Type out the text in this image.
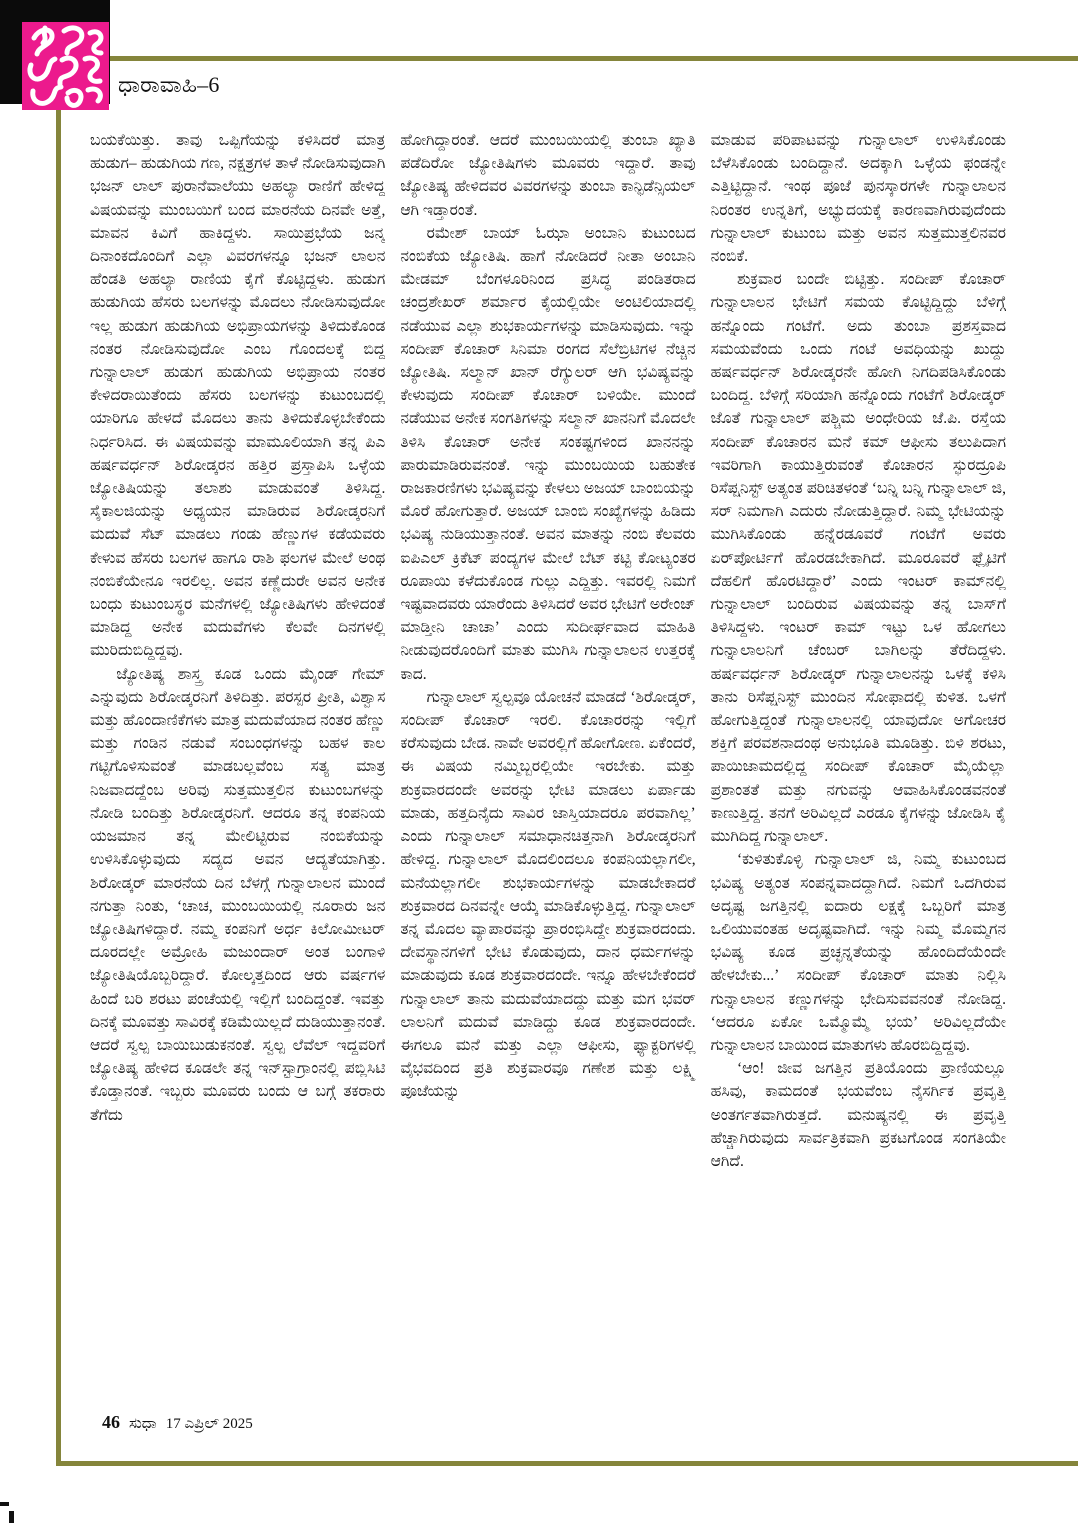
ಧಾರಾವಾಹಿ–6

ಬಯಕೆಯಿತ್ತು. ತಾವು ಒಪ್ಪಿಗೆಯನ್ನು ಕಳಿಸಿದರೆ ಮಾತ್ರ ಹುಡುಗ– ಹುಡುಗಿಯ ಗಣ, ನಕ್ಷತ್ರಗಳ ತಾಳೆ ನೋಡಿಸುವುದಾಗಿ ಭಜನ್ ಲಾಲ್ ಪುರಾನೆವಾಲೆಯು ಅಹಲ್ಯಾ ರಾಣಿಗೆ ಹೇಳಿದ್ದ ವಿಷಯವನ್ನು ಮುಂಬಯಿಗೆ ಬಂದ ಮಾರನೆಯ ದಿನವೇ ಅತ್ತೆ, ಮಾವನ ಕಿವಿಗೆ ಹಾಕಿದ್ದಳು. ಸಾಯಿಪ್ರಭೆಯ ಜನ್ಮ ದಿನಾಂಕದೊಂದಿಗೆ ಎಲ್ಲಾ ವಿವರಗಳನ್ನೂ ಭಜನ್ ಲಾಲನ ಹೆಂಡತಿ ಅಹಲ್ಯಾ ರಾಣಿಯ ಕೈಗೆ ಕೊಟ್ಟಿದ್ದಳು. ಹುಡುಗ ಹುಡುಗಿಯ ಹೆಸರು ಬಲಗಳನ್ನು ಮೊದಲು ನೋಡಿಸುವುದೋ ಇಲ್ಲ ಹುಡುಗ ಹುಡುಗಿಯ ಅಭಿಪ್ರಾಯಗಳನ್ನು ತಿಳಿದುಕೊಂಡ ನಂತರ ನೋಡಿಸುವುದೋ ಎಂಬ ಗೊಂದಲಕ್ಕೆ ಬಿದ್ದ ಗುನ್ನಾಲಾಲ್ ಹುಡುಗ ಹುಡುಗಿಯ ಅಭಿಪ್ರಾಯ ನಂತರ ಕೇಳಿದರಾಯಿತೆಂದು ಹೆಸರು ಬಲಗಳನ್ನು ಕುಟುಂಬದಲ್ಲಿ ಯಾರಿಗೂ ಹೇಳದೆ ಮೊದಲು ತಾನು ತಿಳಿದುಕೊಳ್ಳಬೇಕೆಂದು ನಿರ್ಧರಿಸಿದ. ಈ ವಿಷಯವನ್ನು ಮಾಮೂಲಿಯಾಗಿ ತನ್ನ ಪಿಎ ಹರ್ಷವರ್ಧನ್ ಶಿರೋಡ್ಕರನ ಹತ್ತಿರ ಪ್ರಸ್ತಾಪಿಸಿ ಒಳ್ಳೆಯ ಜ್ಯೋತಿಷಿಯನ್ನು ತಲಾಶು ಮಾಡುವಂತೆ ತಿಳಿಸಿದ್ದ. ಸೈಕಾಲಜಿಯನ್ನು ಅಧ್ಯಯನ ಮಾಡಿರುವ ಶಿರೋಡ್ಕರನಿಗೆ ಮದುವೆ ಸೆಟ್ ಮಾಡಲು ಗಂಡು ಹೆಣ್ಣುಗಳ ಕಡೆಯವರು ಕೇಳುವ ಹೆಸರು ಬಲಗಳ ಹಾಗೂ ರಾಶಿ ಫಲಗಳ ಮೇಲೆ ಅಂಥ ನಂಬಿಕೆಯೇನೂ ಇರಲಿಲ್ಲ. ಅವನ ಕಣ್ಣೆದುರೇ ಅವನ ಅನೇಕ ಬಂಧು ಕುಟುಂಬಸ್ಥರ ಮನೆಗಳಲ್ಲಿ ಜ್ಯೋತಿಷಿಗಳು ಹೇಳಿದಂತೆ ಮಾಡಿದ್ದ ಅನೇಕ ಮದುವೆಗಳು ಕೆಲವೇ ದಿನಗಳಲ್ಲಿ ಮುರಿದುಬಿದ್ದಿದ್ದವು.

ಜ್ಯೋತಿಷ್ಯ ಶಾಸ್ತ್ರ ಕೂಡ ಒಂದು ಮೈಂಡ್ ಗೇಮ್ ಎನ್ನುವುದು ಶಿರೋಡ್ಕರನಿಗೆ ತಿಳಿದಿತ್ತು. ಪರಸ್ಪರ ಪ್ರೀತಿ, ವಿಶ್ವಾಸ ಮತ್ತು ಹೊಂದಾಣಿಕೆಗಳು ಮಾತ್ರ ಮದುವೆಯಾದ ನಂತರ ಹೆಣ್ಣು ಮತ್ತು ಗಂಡಿನ ನಡುವೆ ಸಂಬಂಧಗಳನ್ನು ಬಹಳ ಕಾಲ ಗಟ್ಟಿಗೊಳಿಸುವಂತೆ ಮಾಡಬಲ್ಲವೆಂಬ ಸತ್ಯ ಮಾತ್ರ ನಿಜವಾದದ್ದೆಂಬ ಅರಿವು ಸುತ್ತಮುತ್ತಲಿನ ಕುಟುಂಬಗಳನ್ನು ನೋಡಿ ಬಂದಿತ್ತು ಶಿರೋಡ್ಕರನಿಗೆ. ಆದರೂ ತನ್ನ ಕಂಪನಿಯ ಯಜಮಾನ ತನ್ನ ಮೇಲಿಟ್ಟಿರುವ ನಂಬಿಕೆಯನ್ನು ಉಳಿಸಿಕೊಳ್ಳುವುದು ಸದ್ಯದ ಅವನ ಆದ್ಯತೆಯಾಗಿತ್ತು. ಶಿರೋಡ್ಕರ್ ಮಾರನೆಯ ದಿನ ಬೆಳಗ್ಗೆ ಗುನ್ನಾಲಾಲನ ಮುಂದೆ ನಗುತ್ತಾ ನಿಂತು, ‘ಚಾಚ, ಮುಂಬಯಿಯಲ್ಲಿ ನೂರಾರು ಜನ ಜ್ಯೋತಿಷಿಗಳಿದ್ದಾರೆ. ನಮ್ಮ ಕಂಪನಿಗೆ ಅರ್ಧ ಕಿಲೋಮೀಟರ್ ದೂರದಲ್ಲೇ ಅಮ್ರೋಹಿ ಮಜುಂದಾರ್ ಅಂತ ಬಂಗಾಳಿ ಜ್ಯೋತಿಷಿಯೊಬ್ಬರಿದ್ದಾರೆ. ಕೋಲ್ಕತ್ತದಿಂದ ಆರು ವರ್ಷಗಳ ಹಿಂದೆ ಬರಿ ಶರಟು ಪಂಚೆಯಲ್ಲಿ ಇಲ್ಲಿಗೆ ಬಂದಿದ್ದಂತೆ. ಇವತ್ತು ದಿನಕ್ಕೆ ಮೂವತ್ತು ಸಾವಿರಕ್ಕೆ ಕಡಿಮೆಯಿಲ್ಲದೆ ದುಡಿಯುತ್ತಾನಂತೆ. ಆದರೆ ಸ್ವಲ್ಪ ಬಾಯಿಬುಡುಕನಂತೆ. ಸ್ವಲ್ಪ ಲೆವೆಲ್ ಇದ್ದವರಿಗೆ ಜ್ಯೋತಿಷ್ಯ ಹೇಳಿದ ಕೂಡಲೇ ತನ್ನ ಇನ್‌ಸ್ಟಾಗ್ರಾಂನಲ್ಲಿ ಪಬ್ಲಿಸಿಟಿ ಕೊಡ್ತಾನಂತೆ. ಇಬ್ಬರು ಮೂವರು ಬಂದು ಆ ಬಗ್ಗೆ ತಕರಾರು ತೆಗೆದು

ಹೋಗಿದ್ದಾರಂತೆ. ಆದರೆ ಮುಂಬಯಿಯಲ್ಲಿ ತುಂಬಾ ಖ್ಯಾತಿ ಪಡೆದಿರೋ ಜ್ಯೋತಿಷಿಗಳು ಮೂವರು ಇದ್ದಾರೆ. ತಾವು ಜ್ಯೋತಿಷ್ಯ ಹೇಳಿದವರ ವಿವರಗಳನ್ನು ತುಂಬಾ ಕಾನ್ಫಿಡೆನ್ಸಿಯಲ್ ಆಗಿ ಇಡ್ತಾರಂತೆ.

ರಮೇಶ್ ಬಾಯ್ ಓಝಾ ಅಂಬಾನಿ ಕುಟುಂಬದ ನಂಬಿಕೆಯ ಜ್ಯೋತಿಷಿ. ಹಾಗೆ ನೋಡಿದರೆ ನೀತಾ ಅಂಬಾನಿ ಮೇಡಮ್ ಬೆಂಗಳೂರಿನಿಂದ ಪ್ರಸಿದ್ಧ ಪಂಡಿತರಾದ ಚಂದ್ರಶೇಖರ್ ಶರ್ಮಾರ ಕೈಯಲ್ಲಿಯೇ ಅಂಟಿಲಿಯಾದಲ್ಲಿ ನಡೆಯುವ ಎಲ್ಲಾ ಶುಭಕಾರ್ಯಗಳನ್ನು ಮಾಡಿಸುವುದು. ಇನ್ನು ಸಂದೀಪ್ ಕೊಚಾರ್ ಸಿನಿಮಾ ರಂಗದ ಸೆಲೆಬ್ರಿಟಿಗಳ ನೆಚ್ಚಿನ ಜ್ಯೋತಿಷಿ. ಸಲ್ಮಾನ್ ಖಾನ್ ರೆಗ್ಯುಲರ್ ಆಗಿ ಭವಿಷ್ಯವನ್ನು ಕೇಳುವುದು ಸಂದೀಪ್ ಕೊಚಾರ್ ಬಳಿಯೇ. ಮುಂದೆ ನಡೆಯುವ ಅನೇಕ ಸಂಗತಿಗಳನ್ನು ಸಲ್ಮಾನ್ ಖಾನನಿಗೆ ಮೊದಲೇ ತಿಳಿಸಿ ಕೊಚಾರ್ ಅನೇಕ ಸಂಕಷ್ಟಗಳಿಂದ ಖಾನನನ್ನು ಪಾರುಮಾಡಿರುವನಂತೆ. ಇನ್ನು ಮುಂಬಯಿಯ ಬಹುತೇಕ ರಾಜಕಾರಣಿಗಳು ಭವಿಷ್ಯವನ್ನು ಕೇಳಲು ಅಜಯ್ ಬಾಂಬಿಯನ್ನು ಮೊರೆ ಹೋಗುತ್ತಾರೆ. ಅಜಯ್ ಬಾಂಬಿ ಸಂಖ್ಯೆಗಳನ್ನು ಹಿಡಿದು ಭವಿಷ್ಯ ನುಡಿಯುತ್ತಾನಂತೆ. ಅವನ ಮಾತನ್ನು ನಂಬಿ ಕೆಲವರು ಐಪಿಎಲ್ ಕ್ರಿಕೆಟ್ ಪಂದ್ಯಗಳ ಮೇಲೆ ಬೆಟ್ ಕಟ್ಟಿ ಕೋಟ್ಯಂತರ ರೂಪಾಯಿ ಕಳೆದುಕೊಂಡ ಗುಲ್ಲು ಎದ್ದಿತ್ತು. ಇವರಲ್ಲಿ ನಿಮಗೆ ಇಷ್ಟವಾದವರು ಯಾರೆಂದು ತಿಳಿಸಿದರೆ ಅವರ ಭೇಟಿಗೆ ಅರೇಂಜ್ ಮಾಡ್ತೀನಿ ಚಾಚಾ’ ಎಂದು ಸುದೀರ್ಘವಾದ ಮಾಹಿತಿ ನೀಡುವುದರೊಂದಿಗೆ ಮಾತು ಮುಗಿಸಿ ಗುನ್ನಾಲಾಲನ ಉತ್ತರಕ್ಕೆ ಕಾದ.

ಗುನ್ನಾಲಾಲ್ ಸ್ವಲ್ಪವೂ ಯೋಚನೆ ಮಾಡದೆ ‘ಶಿರೋಡ್ಕರ್, ಸಂದೀಪ್ ಕೊಚಾರ್ ಇರಲಿ. ಕೊಚಾರರನ್ನು ಇಲ್ಲಿಗೆ ಕರೆಸುವುದು ಬೇಡ. ನಾವೇ ಅವರಲ್ಲಿಗೆ ಹೋಗೋಣ. ಏಕೆಂದರೆ, ಈ ವಿಷಯ ನಮ್ಮಿಬ್ಬರಲ್ಲಿಯೇ ಇರಬೇಕು. ಮತ್ತು ಶುಕ್ರವಾರದಂದೇ ಅವರನ್ನು ಭೇಟಿ ಮಾಡಲು ಏರ್ಪಾಡು ಮಾಡು, ಹತ್ತದಿನೈದು ಸಾವಿರ ಜಾಸ್ತಿಯಾದರೂ ಪರವಾಗಿಲ್ಲ’ ಎಂದು ಗುನ್ನಾಲಾಲ್ ಸಮಾಧಾನಚಿತ್ತನಾಗಿ ಶಿರೋಡ್ಕರನಿಗೆ ಹೇಳಿದ್ದ. ಗುನ್ನಾಲಾಲ್ ಮೊದಲಿಂದಲೂ ಕಂಪನಿಯಲ್ಲಾಗಲೀ, ಮನೆಯಲ್ಲಾಗಲೀ ಶುಭಕಾರ್ಯಗಳನ್ನು ಮಾಡಬೇಕಾದರೆ ಶುಕ್ರವಾರದ ದಿನವನ್ನೇ ಆಯ್ಕೆ ಮಾಡಿಕೊಳ್ಳುತ್ತಿದ್ದ. ಗುನ್ನಾಲಾಲ್ ತನ್ನ ಮೊದಲ ವ್ಯಾಪಾರವನ್ನು ಪ್ರಾರಂಭಿಸಿದ್ದೇ ಶುಕ್ರವಾರದಂದು. ದೇವಸ್ಥಾನಗಳಿಗೆ ಭೇಟಿ ಕೊಡುವುದು, ದಾನ ಧರ್ಮಗಳನ್ನು ಮಾಡುವುದು ಕೂಡ ಶುಕ್ರವಾರದಂದೇ. ಇನ್ನೂ ಹೇಳಬೇಕೆಂದರೆ ಗುನ್ನಾಲಾಲ್ ತಾನು ಮದುವೆಯಾದದ್ದು ಮತ್ತು ಮಗ ಭವರ್ ಲಾಲನಿಗೆ ಮದುವೆ ಮಾಡಿದ್ದು ಕೂಡ ಶುಕ್ರವಾರದಂದೇ. ಈಗಲೂ ಮನೆ ಮತ್ತು ಎಲ್ಲಾ ಆಫೀಸು, ಫ್ಯಾಕ್ಟರಿಗಳಲ್ಲಿ ವೈಭವದಿಂದ ಪ್ರತಿ ಶುಕ್ರವಾರವೂ ಗಣೇಶ ಮತ್ತು ಲಕ್ಷ್ಮಿ ಪೂಜೆಯನ್ನು

ಮಾಡುವ ಪರಿಪಾಟವನ್ನು ಗುನ್ನಾಲಾಲ್ ಉಳಿಸಿಕೊಂಡು ಬೆಳೆಸಿಕೊಂಡು ಬಂದಿದ್ದಾನೆ. ಅದಕ್ಕಾಗಿ ಒಳ್ಳೆಯ ಫಂಡನ್ನೇ ಎತ್ತಿಟ್ಟಿದ್ದಾನೆ. ಇಂಥ ಪೂಜೆ ಪುನಸ್ಕಾರಗಳೇ ಗುನ್ನಾಲಾಲನ ನಿರಂತರ ಉನ್ನತಿಗೆ, ಅಭ್ಯುದಯಕ್ಕೆ ಕಾರಣವಾಗಿರುವುದೆಂದು ಗುನ್ನಾಲಾಲ್ ಕುಟುಂಬ ಮತ್ತು ಅವನ ಸುತ್ತಮುತ್ತಲಿನವರ ನಂಬಿಕೆ.

ಶುಕ್ರವಾರ ಬಂದೇ ಬಿಟ್ಟಿತ್ತು. ಸಂದೀಪ್ ಕೊಚಾರ್ ಗುನ್ನಾಲಾಲನ ಭೇಟಿಗೆ ಸಮಯ ಕೊಟ್ಟಿದ್ದಿದ್ದು ಬೆಳಿಗ್ಗೆ ಹನ್ನೊಂದು ಗಂಟೆಗೆ. ಅದು ತುಂಬಾ ಪ್ರಶಸ್ತವಾದ ಸಮಯವೆಂದು ಒಂದು ಗಂಟೆ ಅವಧಿಯನ್ನು ಖುದ್ದು ಹರ್ಷವರ್ಧನ್ ಶಿರೋಡ್ಕರನೇ ಹೋಗಿ ನಿಗದಿಪಡಿಸಿಕೊಂಡು ಬಂದಿದ್ದ. ಬೆಳಿಗ್ಗೆ ಸರಿಯಾಗಿ ಹನ್ನೊಂದು ಗಂಟೆಗೆ ಶಿರೋಡ್ಕರ್ ಜೊತೆ ಗುನ್ನಾಲಾಲ್ ಪಶ್ಚಿಮ ಅಂಧೇರಿಯ ಜೆ.ಪಿ. ರಸ್ತೆಯ ಸಂದೀಪ್ ಕೊಚಾರನ ಮನೆ ಕಮ್ ಆಫೀಸು ತಲುಪಿದಾಗ ಇವರಿಗಾಗಿ ಕಾಯುತ್ತಿರುವಂತೆ ಕೊಚಾರನ ಸ್ಫುರದ್ರೂಪಿ ರಿಸೆಪ್ಷನಿಸ್ಟ್ ಅತ್ಯಂತ ಪರಿಚಿತಳಂತೆ ‘ಬನ್ನಿ ಬನ್ನಿ ಗುನ್ನಾಲಾಲ್ ಜಿ, ಸರ್ ನಿಮಗಾಗಿ ಎದುರು ನೋಡುತ್ತಿದ್ದಾರೆ. ನಿಮ್ಮ ಭೇಟಿಯನ್ನು ಮುಗಿಸಿಕೊಂಡು ಹನ್ನೆರಡೂವರೆ ಗಂಟೆಗೆ ಅವರು ಏರ್‌ಪೋರ್ಟಿಗೆ ಹೊರಡಬೇಕಾಗಿದೆ. ಮೂರೂವರೆ ಫ್ಲೈಟಿಗೆ ದೆಹಲಿಗೆ ಹೊರಟಿದ್ದಾರೆ’ ಎಂದು ಇಂಟರ್ ಕಾಮ್‌ನಲ್ಲಿ ಗುನ್ನಾಲಾಲ್ ಬಂದಿರುವ ವಿಷಯವನ್ನು ತನ್ನ ಬಾಸ್‌ಗೆ ತಿಳಿಸಿದ್ದಳು. ಇಂಟರ್ ಕಾಮ್ ಇಟ್ಟು ಒಳ ಹೋಗಲು ಗುನ್ನಾಲಾಲನಿಗೆ ಚೆಂಬರ್ ಬಾಗಿಲನ್ನು ತೆರೆದಿದ್ದಳು. ಹರ್ಷವರ್ಧನ್ ಶಿರೋಡ್ಕರ್ ಗುನ್ನಾಲಾಲನನ್ನು ಒಳಕ್ಕೆ ಕಳಿಸಿ ತಾನು ರಿಸೆಪ್ಷನಿಸ್ಟ್ ಮುಂದಿನ ಸೋಫಾದಲ್ಲಿ ಕುಳಿತ. ಒಳಗೆ ಹೋಗುತ್ತಿದ್ದಂತೆ ಗುನ್ನಾಲಾಲನಲ್ಲಿ ಯಾವುದೋ ಅಗೋಚರ ಶಕ್ತಿಗೆ ಪರವಶನಾದಂಥ ಅನುಭೂತಿ ಮೂಡಿತ್ತು. ಬಿಳಿ ಶರಟು, ಪಾಯಿಜಾಮದಲ್ಲಿದ್ದ ಸಂದೀಪ್ ಕೊಚಾರ್ ಮೈಯೆಲ್ಲಾ ಪ್ರಶಾಂತತೆ ಮತ್ತು ನಗುವನ್ನು ಆವಾಹಿಸಿಕೊಂಡವನಂತೆ ಕಾಣುತ್ತಿದ್ದ. ತನಗೆ ಅರಿವಿಲ್ಲದೆ ಎರಡೂ ಕೈಗಳನ್ನು ಜೋಡಿಸಿ ಕೈ ಮುಗಿದಿದ್ದ ಗುನ್ನಾಲಾಲ್.

‘ಕುಳಿತುಕೊಳ್ಳಿ ಗುನ್ನಾಲಾಲ್ ಜಿ, ನಿಮ್ಮ ಕುಟುಂಬದ ಭವಿಷ್ಯ ಅತ್ಯಂತ ಸಂಪನ್ನವಾದದ್ದಾಗಿದೆ. ನಿಮಗೆ ಒದಗಿರುವ ಅದೃಷ್ಟ ಜಗತ್ತಿನಲ್ಲಿ ಐದಾರು ಲಕ್ಷಕ್ಕೆ ಒಬ್ಬರಿಗೆ ಮಾತ್ರ ಒಲಿಯುವಂತಹ ಅದೃಷ್ಟವಾಗಿದೆ. ಇನ್ನು ನಿಮ್ಮ ಮೊಮ್ಮಗನ ಭವಿಷ್ಯ ಕೂಡ ಪ್ರಚ್ಛನ್ನತೆಯನ್ನು ಹೊಂದಿದೆಯೆಂದೇ ಹೇಳಬೇಕು...’ ಸಂದೀಪ್ ಕೊಚಾರ್ ಮಾತು ನಿಲ್ಲಿಸಿ ಗುನ್ನಾಲಾಲನ ಕಣ್ಣುಗಳನ್ನು ಭೇದಿಸುವವನಂತೆ ನೋಡಿದ್ದ. ‘ಆದರೂ ಏಕೋ ಒಮ್ಮೊಮ್ಮೆ ಭಯ’ ಅರಿವಿಲ್ಲದೆಯೇ ಗುನ್ನಾಲಾಲನ ಬಾಯಿಂದ ಮಾತುಗಳು ಹೊರಬಿದ್ದಿದ್ದವು.

‘ಆಂ! ಜೀವ ಜಗತ್ತಿನ ಪ್ರತಿಯೊಂದು ಪ್ರಾಣಿಯಲ್ಲೂ ಹಸಿವು, ಕಾಮದಂತೆ ಭಯವೆಂಬ ನೈಸರ್ಗಿಕ ಪ್ರವೃತ್ತಿ ಅಂತರ್ಗತವಾಗಿರುತ್ತದೆ. ಮನುಷ್ಯನಲ್ಲಿ ಈ ಪ್ರವೃತ್ತಿ ಹೆಚ್ಚಾಗಿರುವುದು ಸಾರ್ವತ್ರಿಕವಾಗಿ ಪ್ರಕಟಗೊಂಡ ಸಂಗತಿಯೇ ಆಗಿದೆ.

46 ಸುಧಾ 17 ಎಪ್ರಿಲ್ 2025
